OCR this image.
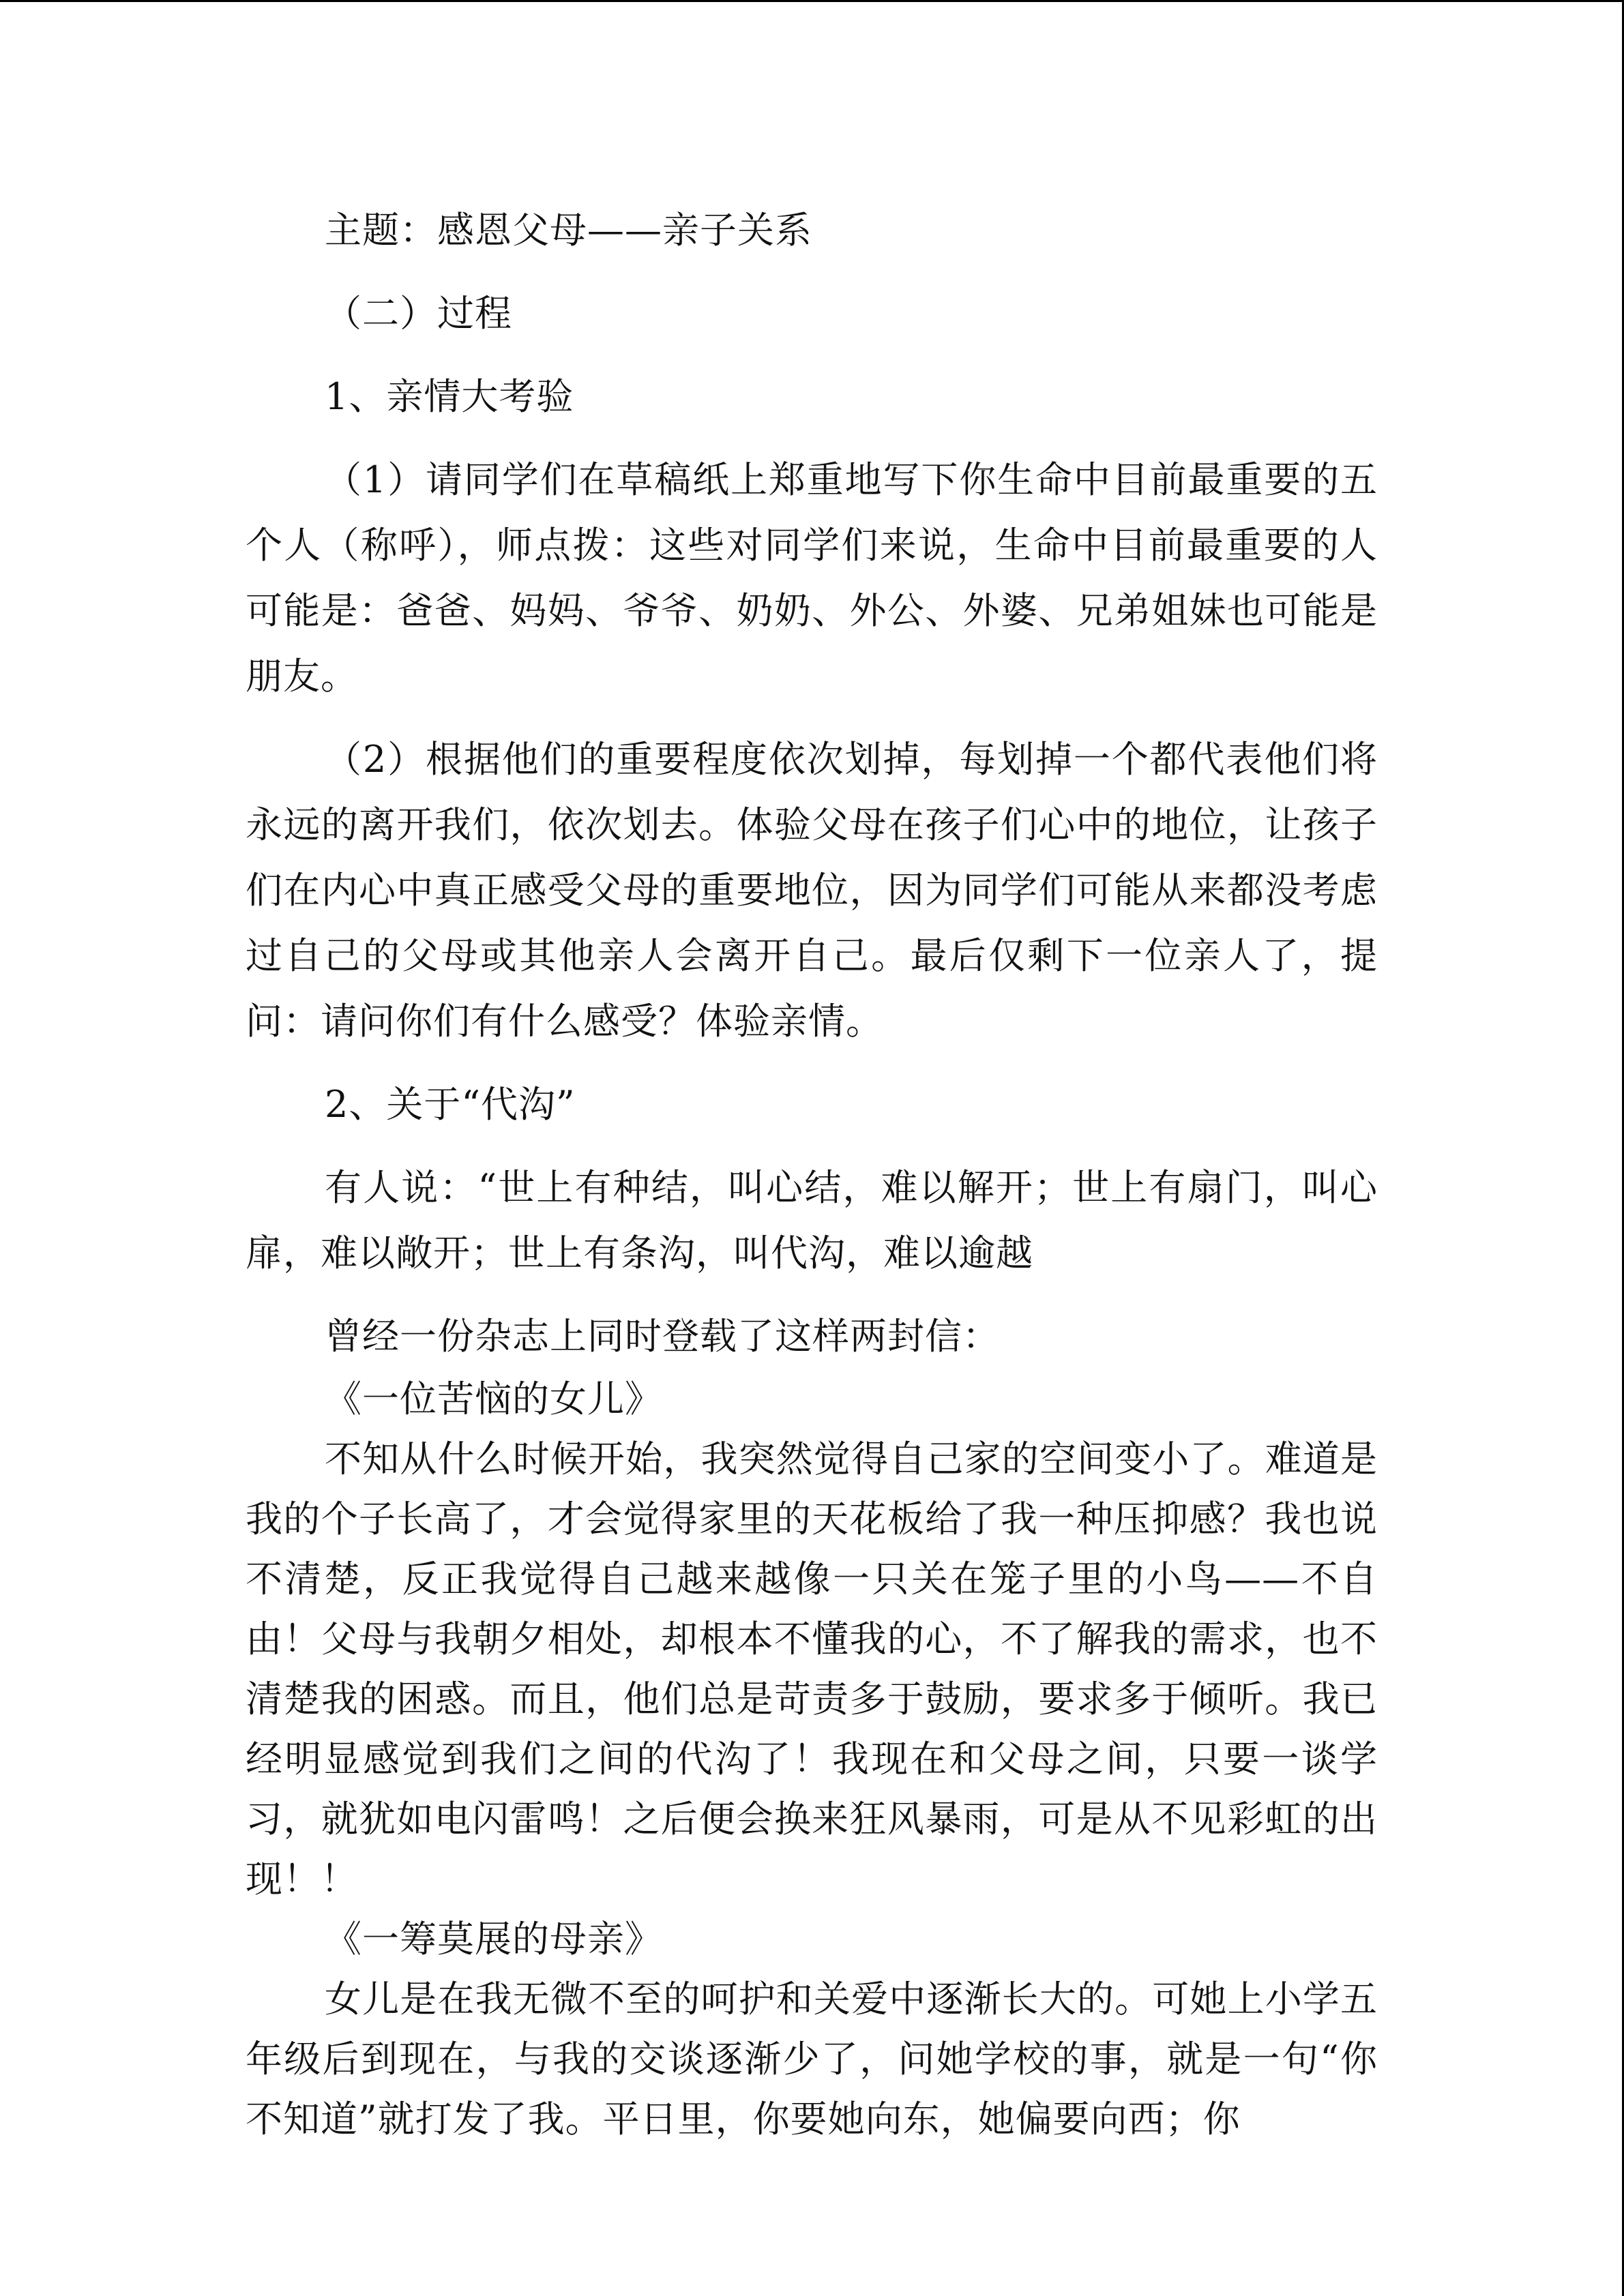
主题：感恩父母——亲子关系

（二）过程

1、亲情大考验

（1）请同学们在草稿纸上郑重地写下你生命中目前最重要的五个人（称呼），师点拨：这些对同学们来说，生命中目前最重要的人可能是：爸爸、妈妈、爷爷、奶奶、外公、外婆、兄弟姐妹也可能是朋友。

（2）根据他们的重要程度依次划掉，每划掉一个都代表他们将永远的离开我们，依次划去。体验父母在孩子们心中的地位，让孩子们在内心中真正感受父母的重要地位，因为同学们可能从来都没考虑过自己的父母或其他亲人会离开自己。最后仅剩下一位亲人了，提问：请问你们有什么感受？体验亲情。

2、关于“代沟”

有人说：“世上有种结，叫心结，难以解开；世上有扇门，叫心扉，难以敞开；世上有条沟，叫代沟，难以逾越

曾经一份杂志上同时登载了这样两封信：

《一位苦恼的女儿》

不知从什么时候开始，我突然觉得自己家的空间变小了。难道是我的个子长高了，才会觉得家里的天花板给了我一种压抑感？我也说不清楚，反正我觉得自己越来越像一只关在笼子里的小鸟——不自由！父母与我朝夕相处，却根本不懂我的心，不了解我的需求，也不清楚我的困惑。而且，他们总是苛责多于鼓励，要求多于倾听。我已经明显感觉到我们之间的代沟了！我现在和父母之间，只要一谈学习，就犹如电闪雷鸣！之后便会换来狂风暴雨，可是从不见彩虹的出现！！

《一筹莫展的母亲》

女儿是在我无微不至的呵护和关爱中逐渐长大的。可她上小学五年级后到现在，与我的交谈逐渐少了，问她学校的事，就是一句“你不知道”就打发了我。平日里，你要她向东，她偏要向西；你
